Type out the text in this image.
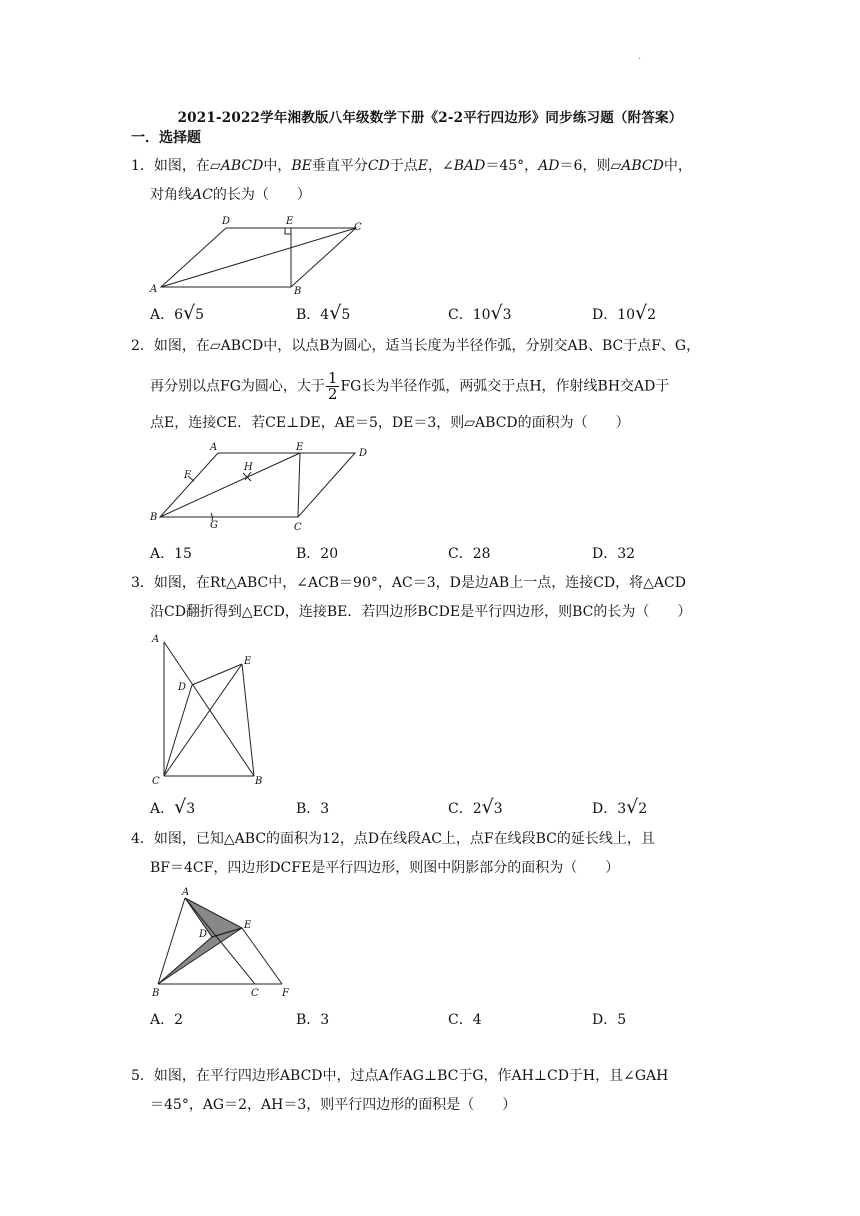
·
2021-2022学年湘教版八年级数学下册《2-2平行四边形》同步练习题（附答案）
一．选择题
1．如图，在▱ABCD中，BE垂直平分CD于点E，∠BAD＝45°，AD＝6，则▱ABCD中，
对角线AC的长为（　　）
D	E
C
A	B
A．6√5	B．4√5	C．10√3	D．10√2
2．如图，在▱ABCD中，以点B为圆心，适当长度为半径作弧，分别交AB、BC于点F、G，
再分别以点FG为圆心，大于 $\frac{1}{2}$ FG长为半径作弧，两弧交于点H，作射线BH交AD于
点E，连接CE．若CE⊥DE，AE＝5，DE＝3，则▱ABCD的面积为（　　）
A	E
D
F
H
B
G	C
A．15	B．20	C．28	D．32
3．如图，在Rt△ABC中，∠ACB＝90°，AC＝3，D是边AB上一点，连接CD，将△ACD
沿CD翻折得到△ECD，连接BE．若四边形BCDE是平行四边形，则BC的长为（　　）
A
E
D
C	B
A．√3	B．3	C．2√3	D．3√2
4．如图，已知△ABC的面积为12，点D在线段AC上，点F在线段BC的延长线上，且
BF＝4CF，四边形DCFE是平行四边形，则图中阴影部分的面积为（　　）
A
D
E
B	C F
A．2	B．3	C．4	D．5
5．如图，在平行四边形ABCD中，过点A作AG⊥BC于G，作AH⊥CD于H，且∠GAH
＝45°，AG＝2，AH＝3，则平行四边形的面积是（　　）
